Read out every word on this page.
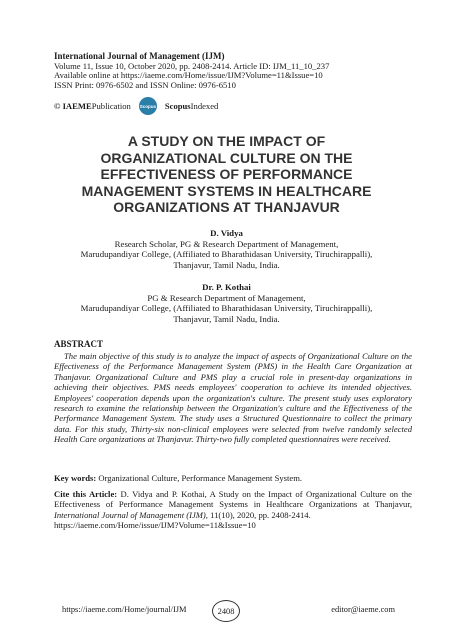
International Journal of Management (IJM)
Volume 11, Issue 10, October 2020, pp. 2408-2414. Article ID: IJM_11_10_237
Available online at https://iaeme.com/Home/issue/IJM?Volume=11&Issue=10
ISSN Print: 0976-6502 and ISSN Online: 0976-6510
© IAEME Publication Scopus Scopus Indexed
A STUDY ON THE IMPACT OF
ORGANIZATIONAL CULTURE ON THE
EFFECTIVENESS OF PERFORMANCE
MANAGEMENT SYSTEMS IN HEALTHCARE
ORGANIZATIONS AT THANJAVUR
D. Vidya
Research Scholar, PG & Research Department of Management,
Marudupandiyar College, (Affiliated to Bharathidasan University, Tiruchirappalli),
Thanjavur, Tamil Nadu, India.
Dr. P. Kothai
PG & Research Department of Management,
Marudupandiyar College, (Affiliated to Bharathidasan University, Tiruchirappalli),
Thanjavur, Tamil Nadu, India.
ABSTRACT
The main objective of this study is to analyze the impact of aspects of Organizational Culture on the Effectiveness of the Performance Management System (PMS) in the Health Care Organization at Thanjavur. Organizational Culture and PMS play a crucial role in present-day organizations in achieving their objectives. PMS needs employees' cooperation to achieve its intended objectives. Employees' cooperation depends upon the organization's culture. The present study uses exploratory research to examine the relationship between the Organization's culture and the Effectiveness of the Performance Management System. The study uses a Structured Questionnaire to collect the primary data. For this study, Thirty-six non-clinical employees were selected from twelve randomly selected Health Care organizations at Thanjavur. Thirty-two fully completed questionnaires were received.
Key words: Organizational Culture, Performance Management System.
Cite this Article: D. Vidya and P. Kothai, A Study on the Impact of Organizational Culture on the Effectiveness of Performance Management Systems in Healthcare Organizations at Thanjavur, International Journal of Management (IJM), 11(10), 2020, pp. 2408-2414.
https://iaeme.com/Home/issue/IJM?Volume=11&Issue=10
https://iaeme.com/Home/journal/IJM	2408	editor@iaeme.com
